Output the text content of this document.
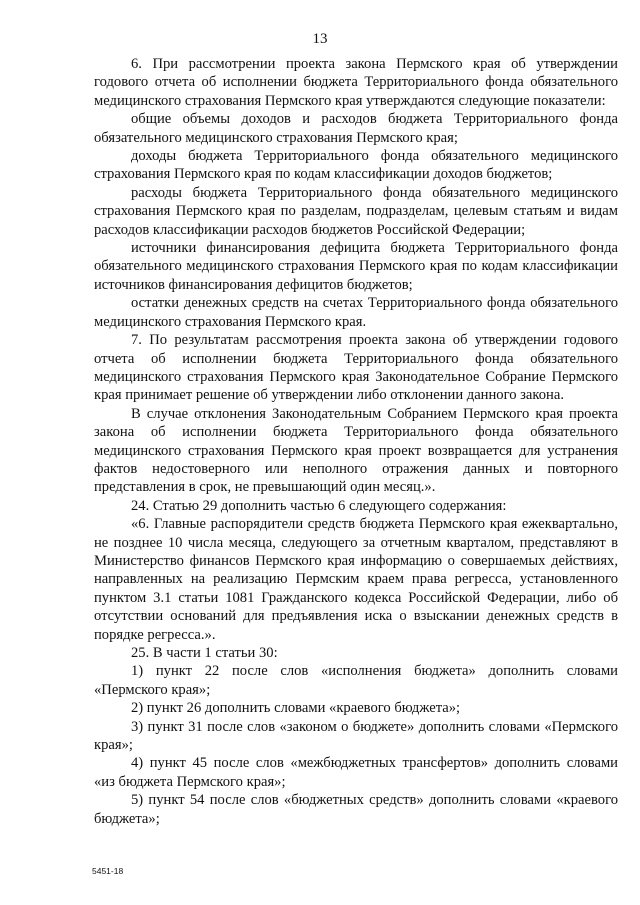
13

6. При рассмотрении проекта закона Пермского края об утверждении годового отчета об исполнении бюджета Территориального фонда обязательного медицинского страхования Пермского края утверждаются следующие показатели:

общие объемы доходов и расходов бюджета Территориального фонда обязательного медицинского страхования Пермского края;

доходы бюджета Территориального фонда обязательного медицинского страхования Пермского края по кодам классификации доходов бюджетов;

расходы бюджета Территориального фонда обязательного медицинского страхования Пермского края по разделам, подразделам, целевым статьям и видам расходов классификации расходов бюджетов Российской Федерации;

источники финансирования дефицита бюджета Территориального фонда обязательного медицинского страхования Пермского края по кодам классификации источников финансирования дефицитов бюджетов;

остатки денежных средств на счетах Территориального фонда обязательного медицинского страхования Пермского края.

7. По результатам рассмотрения проекта закона об утверждении годового отчета об исполнении бюджета Территориального фонда обязательного медицинского страхования Пермского края Законодательное Собрание Пермского края принимает решение об утверждении либо отклонении данного закона.

В случае отклонения Законодательным Собранием Пермского края проекта закона об исполнении бюджета Территориального фонда обязательного медицинского страхования Пермского края проект возвращается для устранения фактов недостоверного или неполного отражения данных и повторного представления в срок, не превышающий один месяц.».

24. Статью 29 дополнить частью 6 следующего содержания:

«6. Главные распорядители средств бюджета Пермского края ежеквартально, не позднее 10 числа месяца, следующего за отчетным кварталом, представляют в Министерство финансов Пермского края информацию о совершаемых действиях, направленных на реализацию Пермским краем права регресса, установленного пунктом 3.1 статьи 1081 Гражданского кодекса Российской Федерации, либо об отсутствии оснований для предъявления иска о взыскании денежных средств в порядке регресса.».

25. В части 1 статьи 30:

1) пункт 22 после слов «исполнения бюджета» дополнить словами «Пермского края»;

2) пункт 26 дополнить словами «краевого бюджета»;

3) пункт 31 после слов «законом о бюджете» дополнить словами «Пермского края»;

4) пункт 45 после слов «межбюджетных трансфертов» дополнить словами «из бюджета Пермского края»;

5) пункт 54 после слов «бюджетных средств» дополнить словами «краевого бюджета»;

5451-18
